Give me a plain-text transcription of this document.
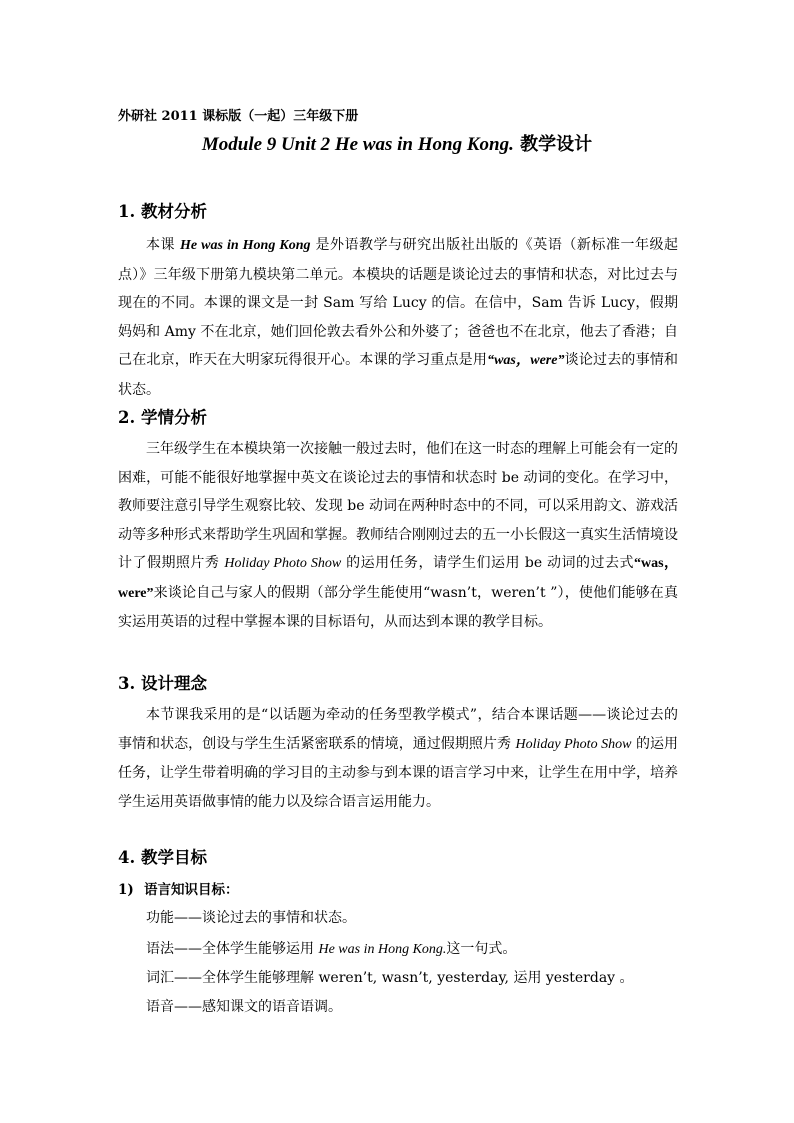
外研社 2011 课标版（一起）三年级下册
Module 9 Unit 2 He was in Hong Kong. 教学设计
1. 教材分析

本课 He was in Hong Kong 是外语教学与研究出版社出版的《英语（新标准一年级起点）》三年级下册第九模块第二单元。本模块的话题是谈论过去的事情和状态，对比过去与现在的不同。本课的课文是一封 Sam 写给 Lucy 的信。在信中，Sam 告诉 Lucy，假期妈妈和 Amy 不在北京，她们回伦敦去看外公和外婆了；爸爸也不在北京，他去了香港；自己在北京，昨天在大明家玩得很开心。本课的学习重点是用“was，were”谈论过去的事情和状态。

2. 学情分析

三年级学生在本模块第一次接触一般过去时，他们在这一时态的理解上可能会有一定的困难，可能不能很好地掌握中英文在谈论过去的事情和状态时 be 动词的变化。在学习中，教师要注意引导学生观察比较、发现 be 动词在两种时态中的不同，可以采用韵文、游戏活动等多种形式来帮助学生巩固和掌握。教师结合刚刚过去的五一小长假这一真实生活情境设计了假期照片秀 Holiday Photo Show 的运用任务，请学生们运用 be 动词的过去式“was，were”来谈论自己与家人的假期（部分学生能使用“wasn’t，weren’t ”），使他们能够在真实运用英语的过程中掌握本课的目标语句，从而达到本课的教学目标。

3. 设计理念

本节课我采用的是“以话题为牵动的任务型教学模式”，结合本课话题——谈论过去的事情和状态，创设与学生生活紧密联系的情境，通过假期照片秀 Holiday Photo Show 的运用任务，让学生带着明确的学习目的主动参与到本课的语言学习中来，让学生在用中学，培养学生运用英语做事情的能力以及综合语言运用能力。

4. 教学目标
1) 语言知识目标：
功能——谈论过去的事情和状态。
语法——全体学生能够运用 He was in Hong Kong.这一句式。
词汇——全体学生能够理解 weren’t, wasn’t, yesterday, 运用 yesterday 。
语音——感知课文的语音语调。
